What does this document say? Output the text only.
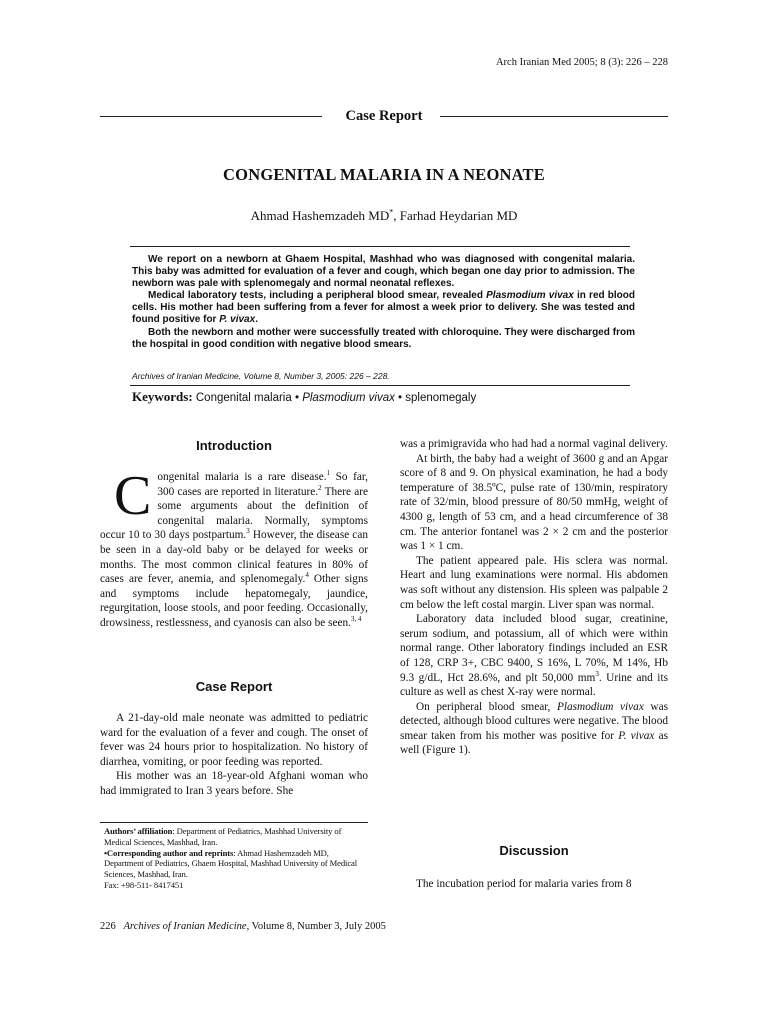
Arch Iranian Med 2005; 8 (3): 226 – 228
Case Report
CONGENITAL MALARIA IN A NEONATE
Ahmad Hashemzadeh MD*, Farhad Heydarian MD

We report on a newborn at Ghaem Hospital, Mashhad who was diagnosed with congenital malaria. This baby was admitted for evaluation of a fever and cough, which began one day prior to admission. The newborn was pale with splenomegaly and normal neonatal reflexes.

Medical laboratory tests, including a peripheral blood smear, revealed Plasmodium vivax in red blood cells. His mother had been suffering from a fever for almost a week prior to delivery. She was tested and found positive for P. vivax.

Both the newborn and mother were successfully treated with chloroquine. They were discharged from the hospital in good condition with negative blood smears.

Archives of Iranian Medicine, Volume 8, Number 3, 2005: 226 – 228.
Keywords: Congenital malaria • Plasmodium vivax • splenomegaly
Introduction

Congenital malaria is a rare disease.$^1$ So far, 300 cases are reported in literature.$^2$ There are some arguments about the definition of congenital malaria. Normally, symptoms occur 10 to 30 days postpartum.$^3$ However, the disease can be seen in a day-old baby or be delayed for weeks or months. The most common clinical features in 80% of cases are fever, anemia, and splenomegaly.$^4$ Other signs and symptoms include hepatomegaly, jaundice, regurgitation, loose stools, and poor feeding. Occasionally, drowsiness, restlessness, and cyanosis can also be seen.$^{3, 4}$

Case Report

A 21-day-old male neonate was admitted to pediatric ward for the evaluation of a fever and cough. The onset of fever was 24 hours prior to hospitalization. No history of diarrhea, vomiting, or poor feeding was reported.

His mother was an 18-year-old Afghani woman who had immigrated to Iran 3 years before. She

Authors’ affiliation: Department of Pediatrics, Mashhad University of Medical Sciences, Mashhad, Iran.

•Corresponding author and reprints: Ahmad Hashemzadeh MD, Department of Pediatrics, Ghaem Hospital, Mashhad University of Medical Sciences, Mashhad, Iran.

Fax: +98-511- 8417451

was a primigravida who had had a normal vaginal delivery.

At birth, the baby had a weight of 3600 g and an Apgar score of 8 and 9. On physical examination, he had a body temperature of 38.5ºC, pulse rate of 130/min, respiratory rate of 32/min, blood pressure of 80/50 mmHg, weight of 4300 g, length of 53 cm, and a head circumference of 38 cm. The anterior fontanel was 2 × 2 cm and the posterior was 1 × 1 cm.

The patient appeared pale. His sclera was normal. Heart and lung examinations were normal. His abdomen was soft without any distension. His spleen was palpable 2 cm below the left costal margin. Liver span was normal.

Laboratory data included blood sugar, creatinine, serum sodium, and potassium, all of which were within normal range. Other laboratory findings included an ESR of 128, CRP 3+, CBC 9400, S 16%, L 70%, M 14%, Hb 9.3 g/dL, Hct 28.6%, and plt 50,000 $mm^3$. Urine and its culture as well as chest X-ray were normal.

On peripheral blood smear, Plasmodium vivax was detected, although blood cultures were negative. The blood smear taken from his mother was positive for P. vivax as well (Figure 1).

Discussion
The incubation period for malaria varies from 8
226 Archives of Iranian Medicine, Volume 8, Number 3, July 2005
